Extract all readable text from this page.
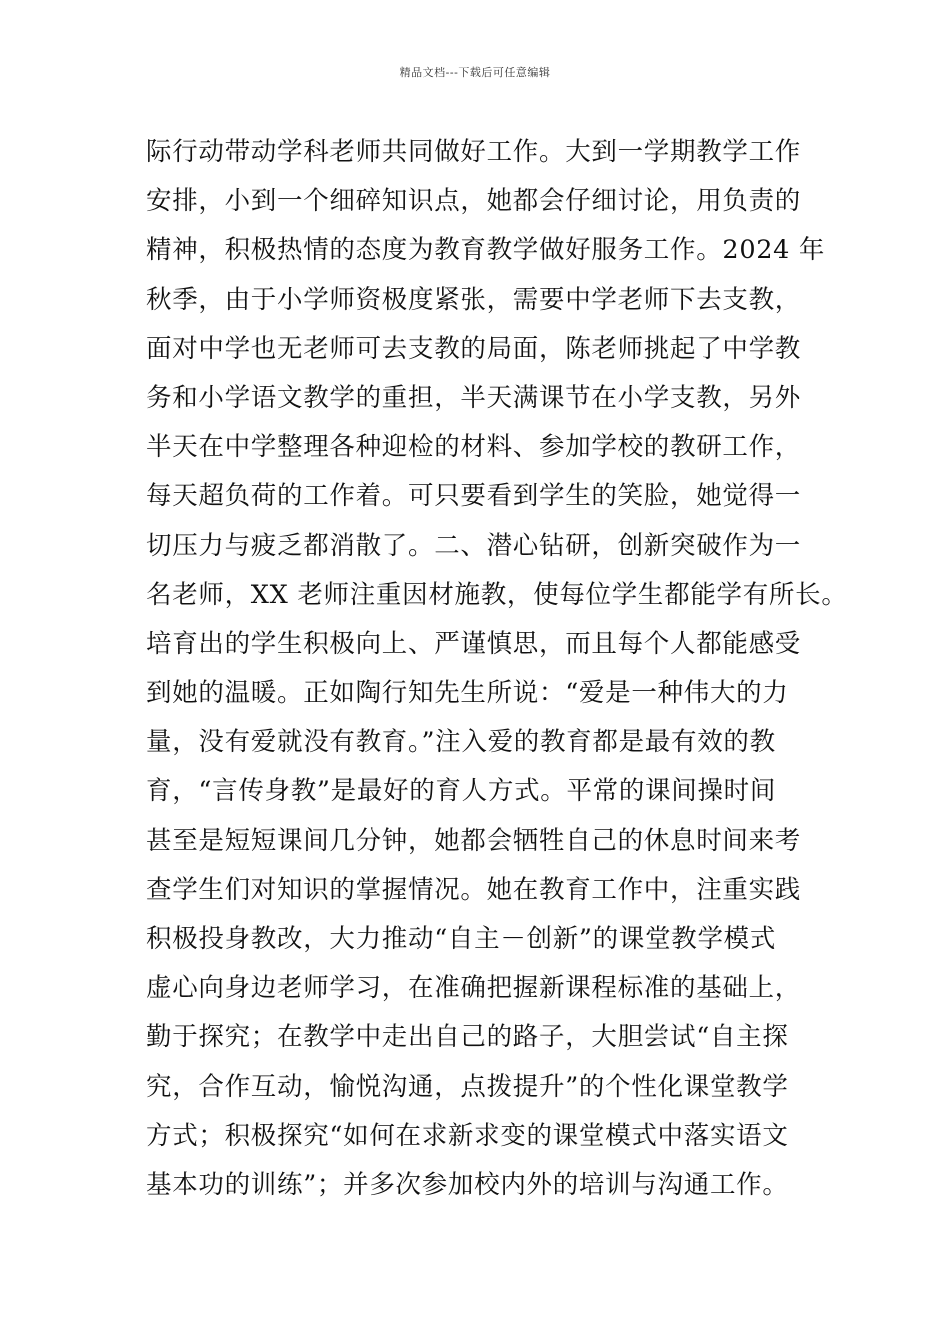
精品文档---下载后可任意编辑
际行动带动学科老师共同做好工作。大到一学期教学工作
安排，小到一个细碎知识点，她都会仔细讨论，用负责的
精神，积极热情的态度为教育教学做好服务工作。2024 年
秋季，由于小学师资极度紧张，需要中学老师下去支教，
面对中学也无老师可去支教的局面，陈老师挑起了中学教
务和小学语文教学的重担，半天满课节在小学支教，另外
半天在中学整理各种迎检的材料、参加学校的教研工作，
每天超负荷的工作着。可只要看到学生的笑脸，她觉得一
切压力与疲乏都消散了。二、潜心钻研，创新突破作为一
名老师，XX 老师注重因材施教，使每位学生都能学有所长。
培育出的学生积极向上、严谨慎思，而且每个人都能感受
到她的温暖。正如陶行知先生所说：“爱是一种伟大的力
量，没有爱就没有教育。”注入爱的教育都是最有效的教
育，“言传身教”是最好的育人方式。平常的课间操时间
甚至是短短课间几分钟，她都会牺牲自己的休息时间来考
查学生们对知识的掌握情况。她在教育工作中，注重实践
积极投身教改，大力推动“自主－创新”的课堂教学模式
虚心向身边老师学习，在准确把握新课程标准的基础上，
勤于探究；在教学中走出自己的路子，大胆尝试“自主探
究，合作互动，愉悦沟通，点拨提升”的个性化课堂教学
方式；积极探究“如何在求新求变的课堂模式中落实语文
基本功的训练”；并多次参加校内外的培训与沟通工作。
